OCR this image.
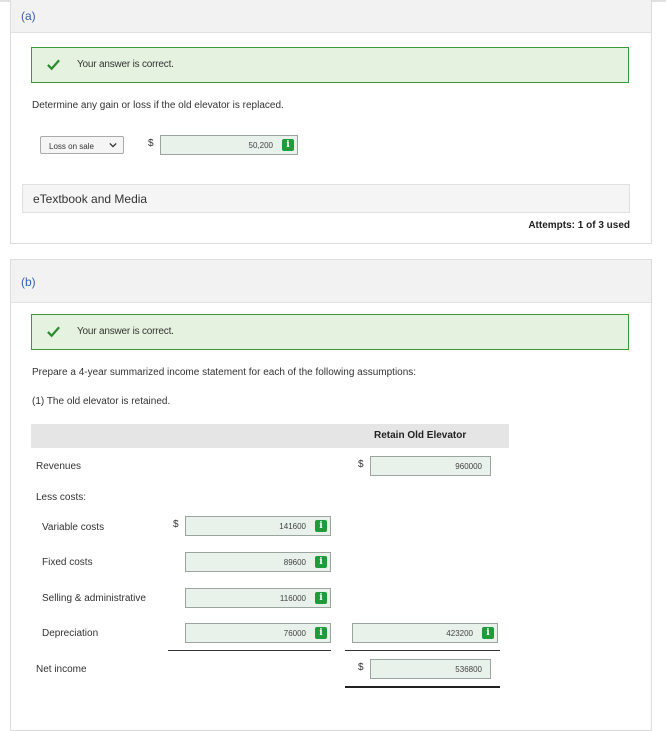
(a)
Your answer is correct.
Determine any gain or loss if the old elevator is replaced.
Loss on sale	$	50,200	i
eTextbook and Media
Attempts: 1 of 3 used
(b)
Your answer is correct.
Prepare a 4-year summarized income statement for each of the following assumptions:
(1) The old elevator is retained.
Retain Old Elevator
Revenues	$	960000
Less costs:
Variable costs	$	141600	i
Fixed costs	89600	i
Selling & administrative	116000	i
Depreciation	76000	i	423200	i
Net income	$	536800
